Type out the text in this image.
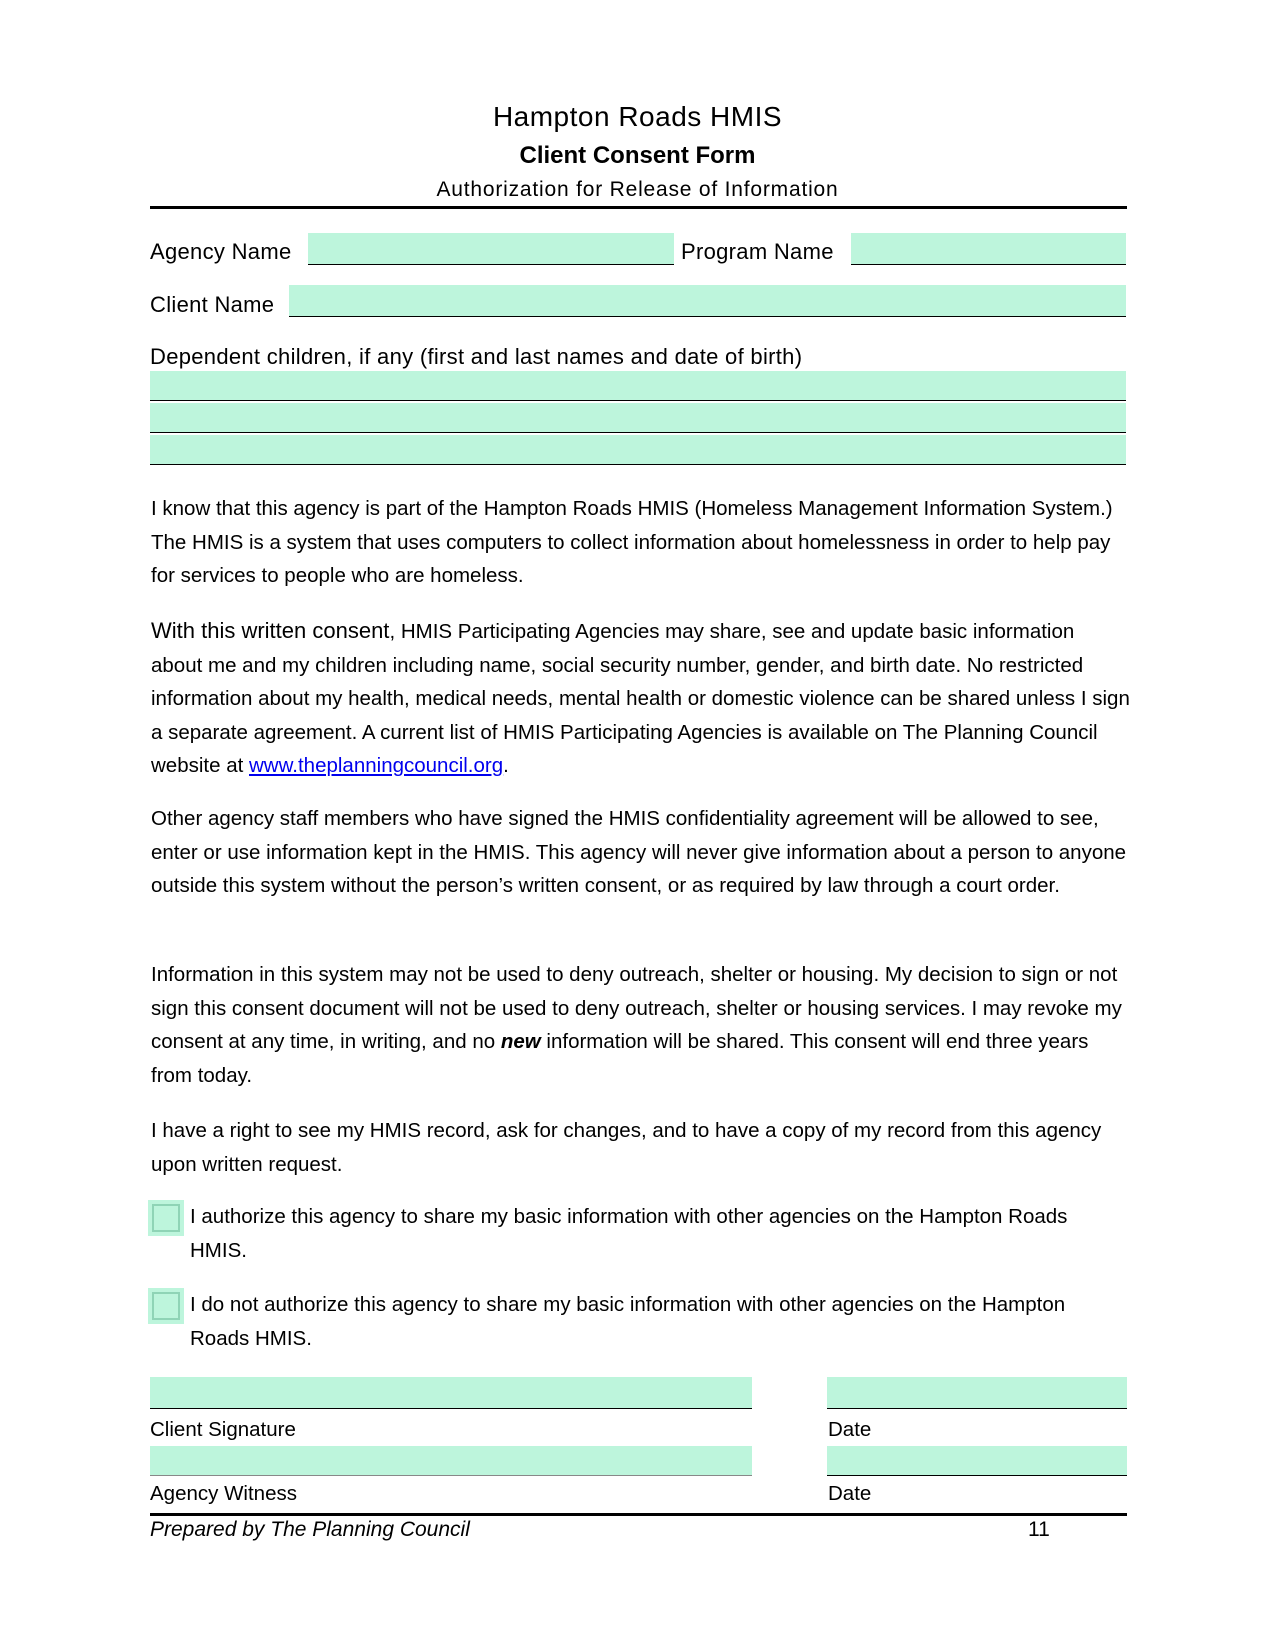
Hampton Roads HMIS
Client Consent Form
Authorization for Release of Information
Agency Name	Program Name
Client Name
Dependent children, if any (first and last names and date of birth)

I know that this agency is part of the Hampton Roads HMIS (Homeless Management Information System.) The HMIS is a system that uses computers to collect information about homelessness in order to help pay for services to people who are homeless.

With this written consent, HMIS Participating Agencies may share, see and update basic information about me and my children including name, social security number, gender, and birth date. No restricted information about my health, medical needs, mental health or domestic violence can be shared unless I sign a separate agreement. A current list of HMIS Participating Agencies is available on The Planning Council website at www.theplanningcouncil.org.

Other agency staff members who have signed the HMIS confidentiality agreement will be allowed to see, enter or use information kept in the HMIS. This agency will never give information about a person to anyone outside this system without the person’s written consent, or as required by law through a court order.

Information in this system may not be used to deny outreach, shelter or housing. My decision to sign or not sign this consent document will not be used to deny outreach, shelter or housing services. I may revoke my consent at any time, in writing, and no new information will be shared. This consent will end three years from today.

I have a right to see my HMIS record, ask for changes, and to have a copy of my record from this agency upon written request.

I authorize this agency to share my basic information with other agencies on the Hampton Roads HMIS.
I do not authorize this agency to share my basic information with other agencies on the Hampton Roads HMIS.
Client Signature	Date
Agency Witness	Date
Prepared by The Planning Council	11
